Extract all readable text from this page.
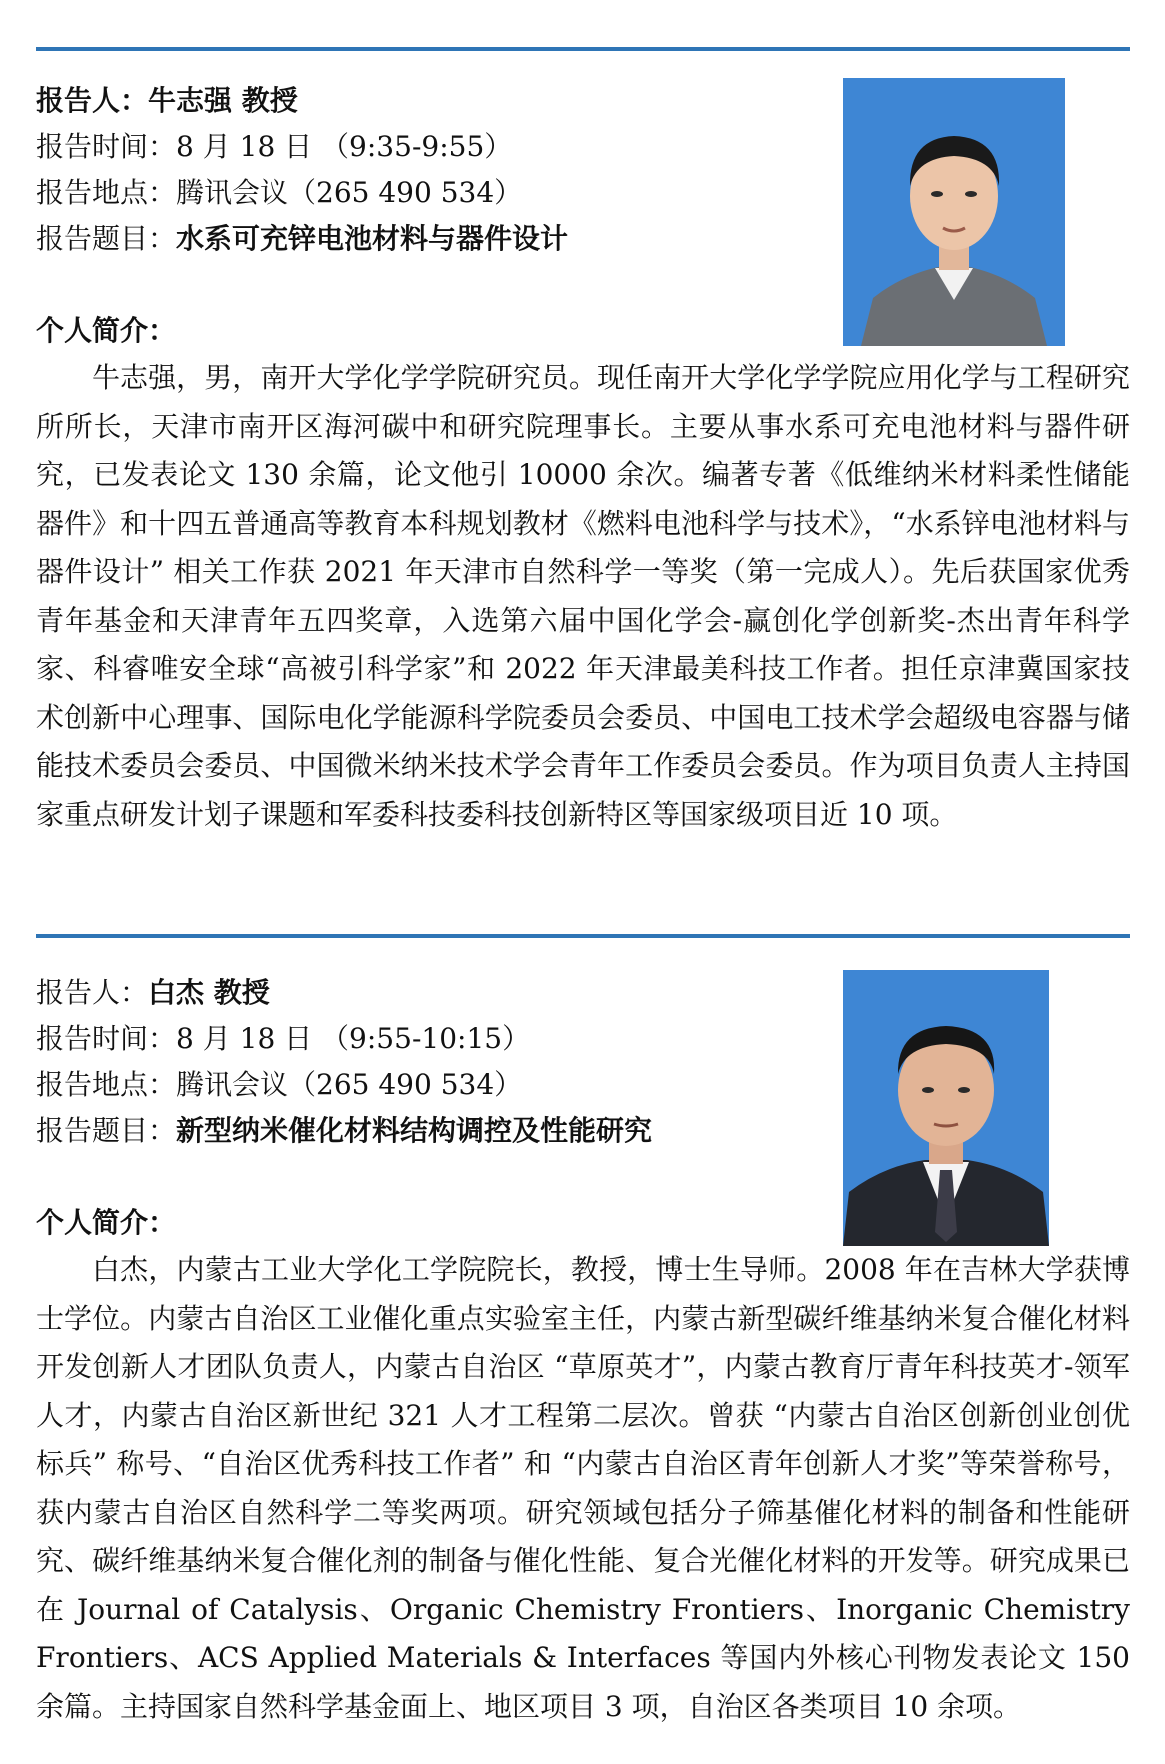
报告人：牛志强 教授
报告时间：8 月 18 日 （9:35-9:55）
报告地点：腾讯会议（265 490 534）
报告题目：水系可充锌电池材料与器件设计
个人简介：

牛志强，男，南开大学化学学院研究员。现任南开大学化学学院应用化学与工程研究所所长，天津市南开区海河碳中和研究院理事长。主要从事水系可充电池材料与器件研究，已发表论文 130 余篇，论文他引 10000 余次。编著专著《低维纳米材料柔性储能器件》和十四五普通高等教育本科规划教材《燃料电池科学与技术》，“水系锌电池材料与器件设计” 相关工作获 2021 年天津市自然科学一等奖（第一完成人）。先后获国家优秀青年基金和天津青年五四奖章，入选第六届中国化学会-赢创化学创新奖-杰出青年科学家、科睿唯安全球“高被引科学家”和 2022 年天津最美科技工作者。担任京津冀国家技术创新中心理事、国际电化学能源科学院委员会委员、中国电工技术学会超级电容器与储能技术委员会委员、中国微米纳米技术学会青年工作委员会委员。作为项目负责人主持国家重点研发计划子课题和军委科技委科技创新特区等国家级项目近 10 项。

报告人：白杰 教授
报告时间：8 月 18 日 （9:55-10:15）
报告地点：腾讯会议（265 490 534）
报告题目：新型纳米催化材料结构调控及性能研究
个人简介：

白杰，内蒙古工业大学化工学院院长，教授，博士生导师。2008 年在吉林大学获博士学位。内蒙古自治区工业催化重点实验室主任，内蒙古新型碳纤维基纳米复合催化材料开发创新人才团队负责人，内蒙古自治区 “草原英才”，内蒙古教育厅青年科技英才-领军人才，内蒙古自治区新世纪 321 人才工程第二层次。曾获 “内蒙古自治区创新创业创优标兵” 称号、“自治区优秀科技工作者” 和 “内蒙古自治区青年创新人才奖”等荣誉称号，获内蒙古自治区自然科学二等奖两项。研究领域包括分子筛基催化材料的制备和性能研究、碳纤维基纳米复合催化剂的制备与催化性能、复合光催化材料的开发等。研究成果已在 Journal of Catalysis、Organic Chemistry Frontiers、Inorganic Chemistry Frontiers、ACS Applied Materials & Interfaces 等国内外核心刊物发表论文 150 余篇。主持国家自然科学基金面上、地区项目 3 项，自治区各类项目 10 余项。
